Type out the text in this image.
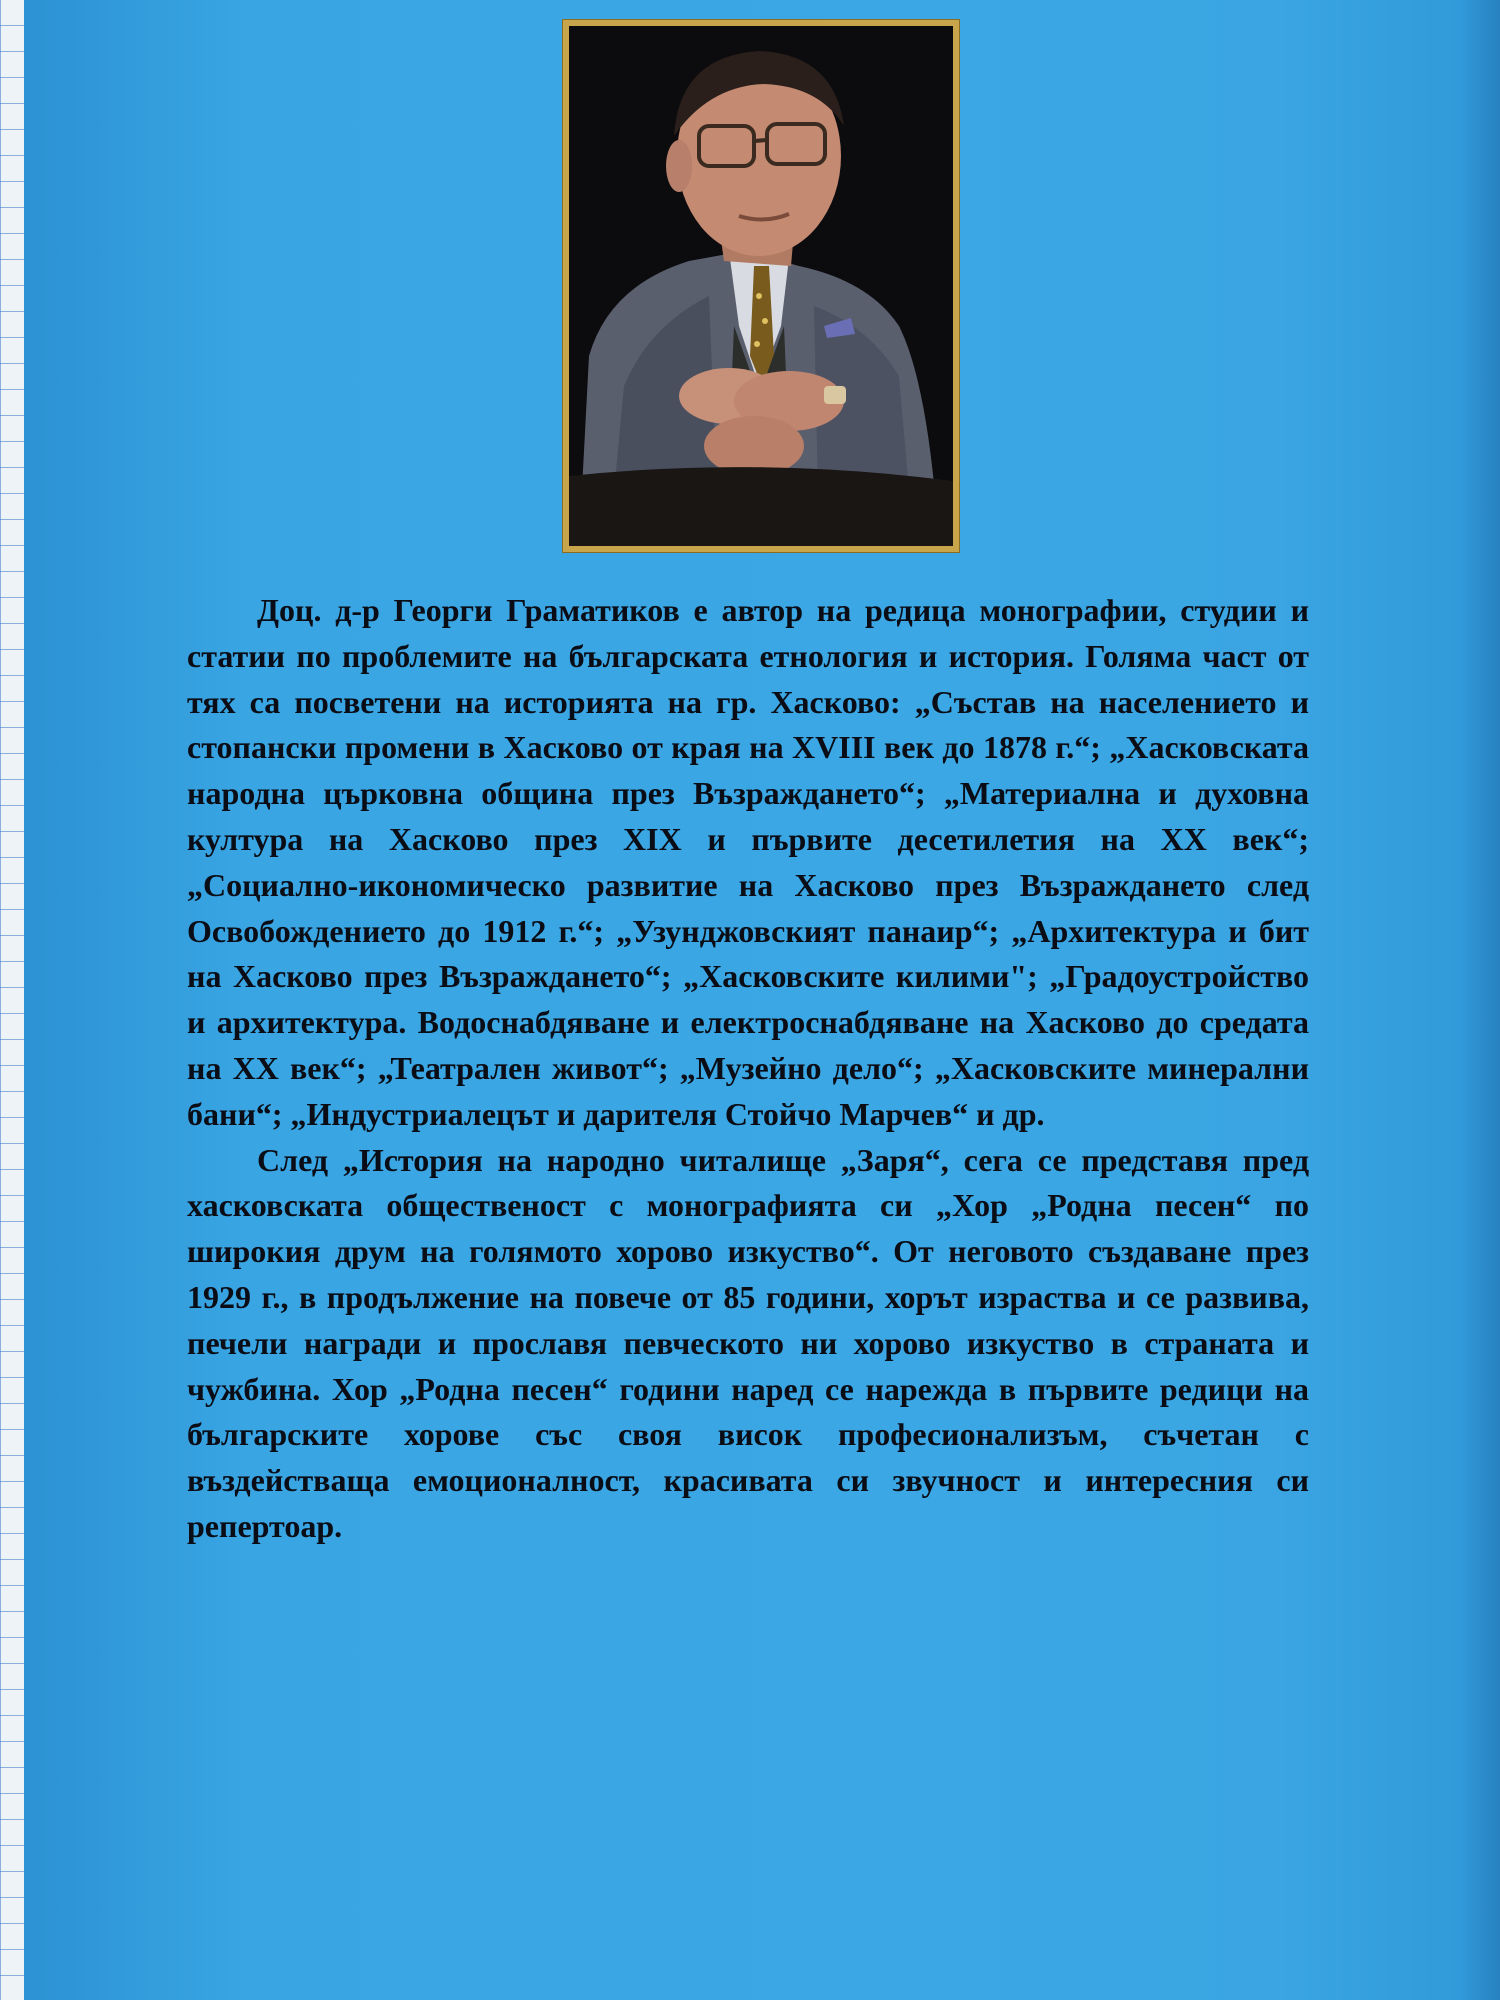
Доц. д-р Георги Граматиков е автор на редица монографии, студии и статии по проблемите на българската етнология и история. Голяма част от тях са посветени на историята на гр. Хасково: „Състав на населението и стопански промени в Хасково от края на XVIII век до 1878 г.“; „Хасковската народна църковна община през Възраждането“; „Материална и духовна култура на Хасково през XIX и първите десетилетия на XX век“; „Социално-икономическо развитие на Хасково през Възраждането след Освобождението до 1912 г.“; „Узунджовският панаир“; „Архитектура и бит на Хасково през Възраждането“; „Хасковските килими"; „Градоустройство и архитектура. Водоснабдяване и електроснабдяване на Хасково до средата на XX век“; „Театрален живот“; „Музейно дело“; „Хасковските минерални бани“; „Индустриалецът и дарителя Стойчо Марчев“ и др.

След „История на народно читалище „Заря“, сега се представя пред хасковската общественост с монографията си „Хор „Родна песен“ по широкия друм на голямото хорово изкуство“. От неговото създаване през 1929 г., в продължение на повече от 85 години, хорът израства и се развива, печели награди и прославя певческото ни хорово изкуство в страната и чужбина. Хор „Родна песен“ години наред се нарежда в първите редици на българските хорове със своя висок професионализъм, съчетан с въздействаща емоционалност, красивата си звучност и интересния си репертоар.
